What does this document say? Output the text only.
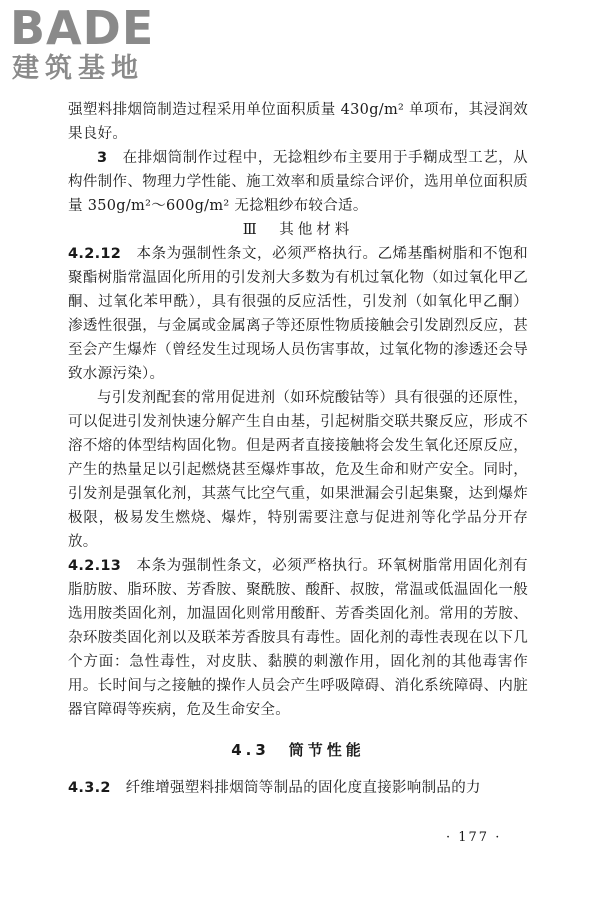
BADE
建筑基地

强塑料排烟筒制造过程采用单位面积质量 430g/m² 单项布，其浸润效果良好。

3　 在排烟筒制作过程中，无捻粗纱布主要用于手糊成型工艺，从构件制作、物理力学性能、施工效率和质量综合评价，选用单位面积质量 350g/m²～600g/m² 无捻粗纱布较合适。

Ⅲ　其他材料

4.2.12　 本条为强制性条文，必须严格执行。乙烯基酯树脂和不饱和聚酯树脂常温固化所用的引发剂大多数为有机过氧化物（如过氧化甲乙酮、过氧化苯甲酰），具有很强的反应活性，引发剂（如氧化甲乙酮）渗透性很强，与金属或金属离子等还原性物质接触会引发剧烈反应，甚至会产生爆炸（曾经发生过现场人员伤害事故，过氧化物的渗透还会导致水源污染）。

与引发剂配套的常用促进剂（如环烷酸钴等）具有很强的还原性，可以促进引发剂快速分解产生自由基，引起树脂交联共聚反应，形成不溶不熔的体型结构固化物。但是两者直接接触将会发生氧化还原反应，产生的热量足以引起燃烧甚至爆炸事故，危及生命和财产安全。同时，引发剂是强氧化剂，其蒸气比空气重，如果泄漏会引起集聚，达到爆炸极限，极易发生燃烧、爆炸，特别需要注意与促进剂等化学品分开存放。

4.2.13　 本条为强制性条文，必须严格执行。环氧树脂常用固化剂有脂肪胺、脂环胺、芳香胺、聚酰胺、酸酐、叔胺，常温或低温固化一般选用胺类固化剂，加温固化则常用酸酐、芳香类固化剂。常用的芳胺、杂环胺类固化剂以及联苯芳香胺具有毒性。固化剂的毒性表现在以下几个方面：急性毒性，对皮肤、黏膜的刺激作用，固化剂的其他毒害作用。长时间与之接触的操作人员会产生呼吸障碍、消化系统障碍、内脏器官障碍等疾病，危及生命安全。

4.3　筒节性能

4.3.2　 纤维增强塑料排烟筒等制品的固化度直接影响制品的力

· 177 ·
